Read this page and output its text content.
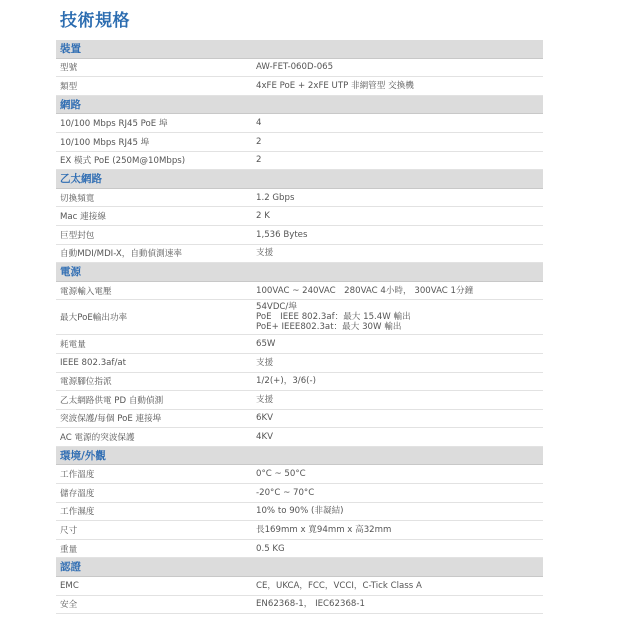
技術規格
裝置
型號	AW-FET-060D-065
類型	4xFE PoE + 2xFE UTP 非網管型 交換機
網路
10/100 Mbps RJ45 PoE 埠	4
10/100 Mbps RJ45 埠	2
EX 模式 PoE (250M@10Mbps)	2
乙太網路
切換頻寬	1.2 Gbps
Mac 連接線	2 K
巨型封包	1,536 Bytes
自動MDI/MDI-X，自動偵測速率	支援
電源
電源輸入電壓	100VAC ~ 240VAC　280VAC 4小時， 300VAC 1分鐘
最大PoE輸出功率
54VDC/埠
PoE　IEEE 802.3af：最大 15.4W 輸出
PoE+ IEEE802.3at：最大 30W 輸出
耗電量	65W
IEEE 802.3af/at	支援
電源腳位指派	1/2(+)，3/6(-)
乙太網路供電 PD 自動偵測	支援
突波保護/每個 PoE 連接埠	6KV
AC 電源的突波保護	4KV
環境/外觀
工作溫度	0°C ~ 50°C
儲存溫度	-20°C ~ 70°C
工作濕度	10% to 90% (非凝結)
尺寸	長169mm x 寬94mm x 高32mm
重量	0.5 KG
認證
EMC	CE，UKCA，FCC，VCCI，C-Tick Class A
安全	EN62368-1， IEC62368-1
